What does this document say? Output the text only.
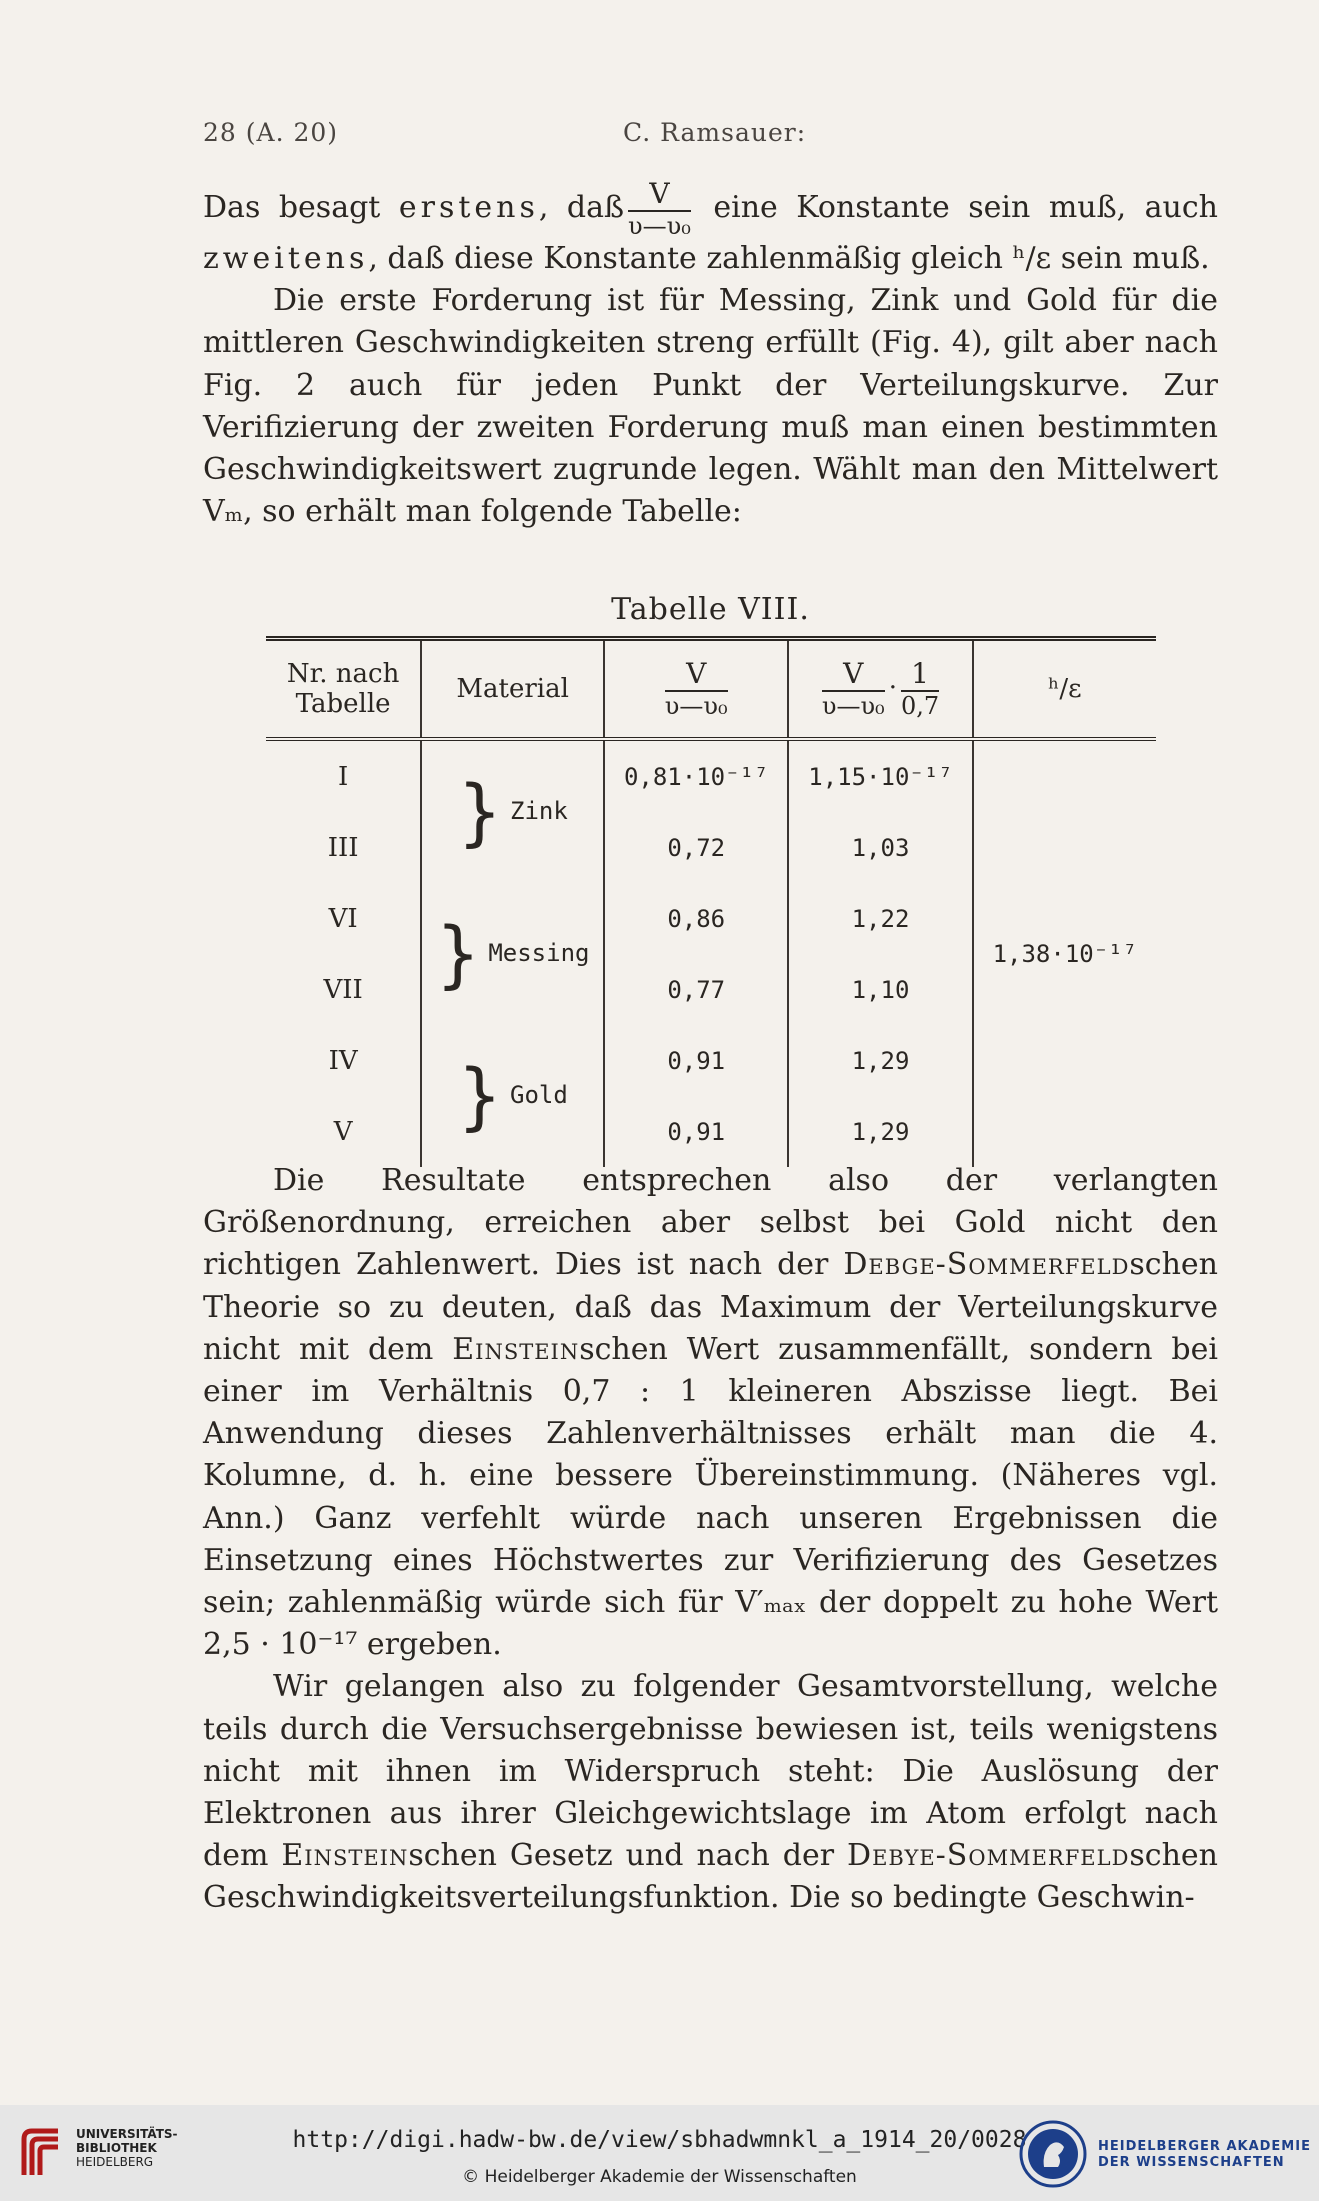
28 (A. 20)	C. Ramsauer:

Das besagt erstens, daß $\frac{V}{\text{υ—υ₀}}$ eine Konstante sein muß, auch zweitens, daß diese Konstante zahlenmäßig gleich ʰ/ε sein muß.

Die erste Forderung ist für Messing, Zink und Gold für die mittleren Geschwindigkeiten streng erfüllt (Fig. 4), gilt aber nach Fig. 2 auch für jeden Punkt der Verteilungskurve. Zur Verifizierung der zweiten Forderung muß man einen bestimmten Geschwindigkeitswert zugrunde legen. Wählt man den Mittelwert Vₘ, so erhält man folgende Tabelle:

Tabelle VIII.
Nr. nach Tabelle	Material	$\frac{V}{\text{υ—υ₀}}$	$\frac{V}{\text{υ—υ₀}} \cdot \frac{1}{0,7}$	ʰ/ε
I	} Zink	0,81·10⁻¹⁷	1,15·10⁻¹⁷	1,38·10⁻¹⁷
III		0,72	1,03	
VI	} Messing	0,86	1,22	
VII		0,77	1,10	
IV	} Gold	0,91	1,29	
V		0,91	1,29	

Die Resultate entsprechen also der verlangten Größenordnung, erreichen aber selbst bei Gold nicht den richtigen Zahlenwert. Dies ist nach der Debge-Sommerfeldschen Theorie so zu deuten, daß das Maximum der Verteilungskurve nicht mit dem Einsteinschen Wert zusammenfällt, sondern bei einer im Verhältnis 0,7 : 1 kleineren Abszisse liegt. Bei Anwendung dieses Zahlenverhältnisses erhält man die 4. Kolumne, d. h. eine bessere Übereinstimmung. (Näheres vgl. Ann.) Ganz verfehlt würde nach unseren Ergebnissen die Einsetzung eines Höchstwertes zur Verifizierung des Gesetzes sein; zahlenmäßig würde sich für V′ₘₐₓ der doppelt zu hohe Wert 2,5 · 10⁻¹⁷ ergeben.

Wir gelangen also zu folgender Gesamtvorstellung, welche teils durch die Versuchsergebnisse bewiesen ist, teils wenigstens nicht mit ihnen im Widerspruch steht: Die Auslösung der Elektronen aus ihrer Gleichgewichtslage im Atom erfolgt nach dem Einsteinschen Gesetz und nach der Debye-Sommerfeldschen Geschwindigkeitsverteilungsfunktion. Die so bedingte Geschwin-

UNIVERSITÄTS-
BIBLIOTHEK
HEIDELBERG
http://digi.hadw-bw.de/view/sbhadwmnkl_a_1914_20/0028
© Heidelberger Akademie der Wissenschaften
HEIDELBERGER AKADEMIE
DER WISSENSCHAFTEN
